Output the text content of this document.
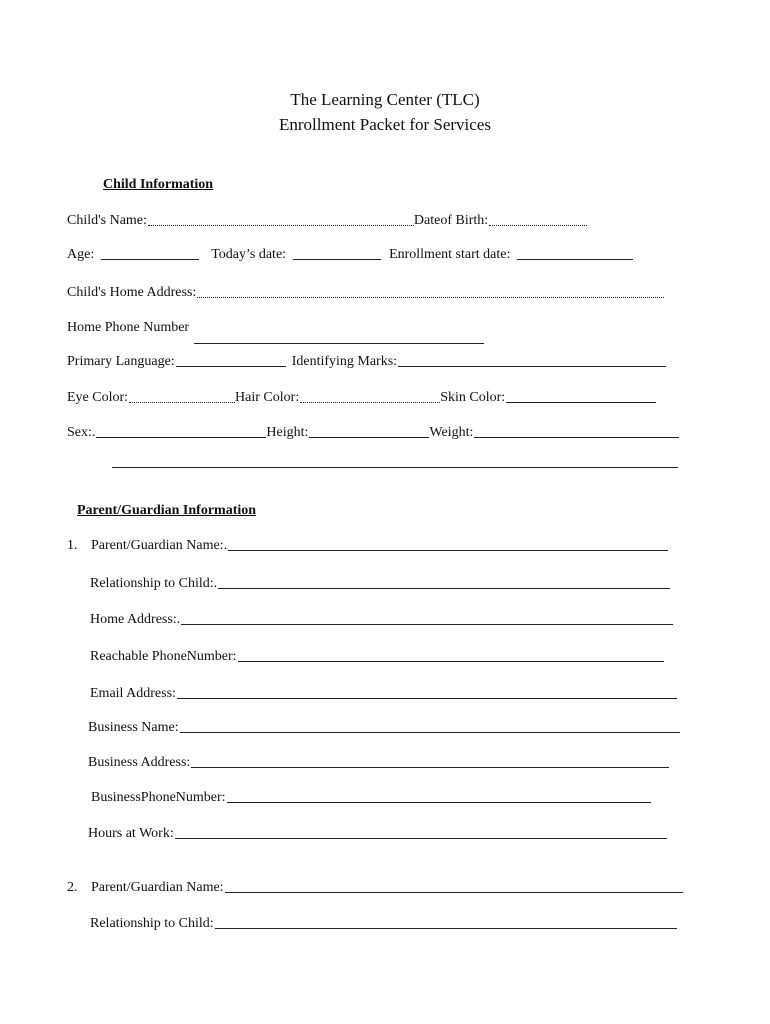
The Learning Center (TLC)
Enrollment Packet for Services
Child Information
Child's Name:	Dateof Birth:
Age:	Today’s date:	Enrollment start date:
Child's Home Address:
Home Phone Number
Primary Language:	Identifying Marks:
Eye Color:	Hair Color:	Skin Color:
Sex:.	Height:	Weight:
Parent/Guardian Information
1. Parent/Guardian Name:.
Relationship to Child:.
Home Address:.
Reachable PhoneNumber:
Email Address:
Business Name:
Business Address:
BusinessPhoneNumber:
Hours at Work:
2. Parent/Guardian Name:
Relationship to Child:
